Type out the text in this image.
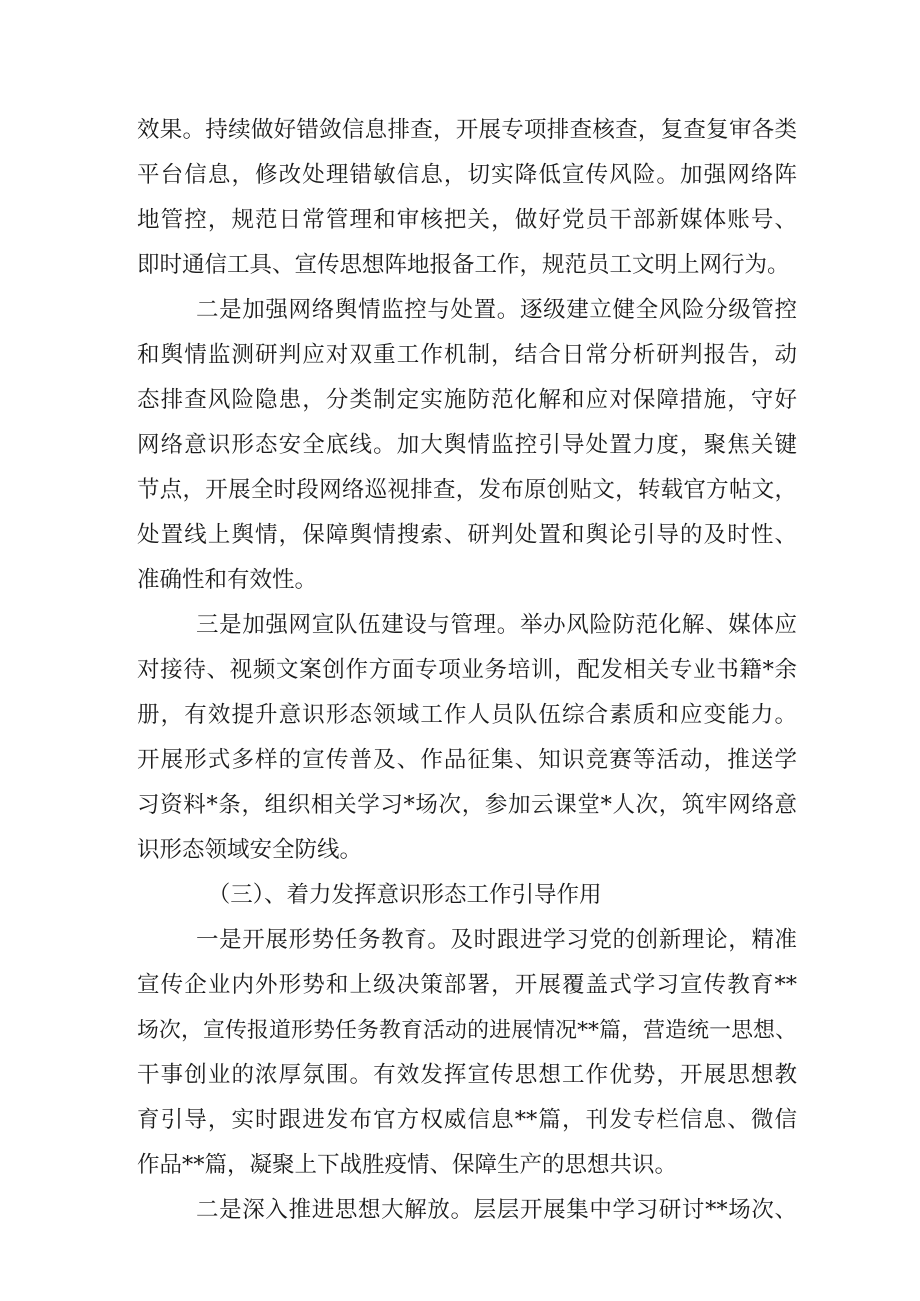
效果。持续做好错敛信息排查，开展专项排查核查，复查复审各类
平台信息，修改处理错敏信息，切实降低宣传风险。加强网络阵
地管控，规范日常管理和审核把关，做好党员干部新媒体账号、
即时通信工具、宣传思想阵地报备工作，规范员工文明上网行为。
二是加强网络舆情监控与处置。逐级建立健全风险分级管控
和舆情监测研判应对双重工作机制，结合日常分析研判报告，动
态排查风险隐患，分类制定实施防范化解和应对保障措施，守好
网络意识形态安全底线。加大舆情监控引导处置力度，聚焦关键
节点，开展全时段网络巡视排查，发布原创贴文，转载官方帖文，
处置线上舆情，保障舆情搜索、研判处置和舆论引导的及时性、
准确性和有效性。
三是加强网宣队伍建设与管理。举办风险防范化解、媒体应
对接待、视频文案创作方面专项业务培训，配发相关专业书籍*余
册，有效提升意识形态领域工作人员队伍综合素质和应变能力。
开展形式多样的宣传普及、作品征集、知识竞赛等活动，推送学
习资料*条，组织相关学习*场次，参加云课堂*人次，筑牢网络意
识形态领域安全防线。
（三）、着力发挥意识形态工作引导作用
一是开展形势任务教育。及时跟进学习党的创新理论，精准
宣传企业内外形势和上级决策部署，开展覆盖式学习宣传教育**
场次，宣传报道形势任务教育活动的进展情况**篇，营造统一思想、
干事创业的浓厚氛围。有效发挥宣传思想工作优势，开展思想教
育引导，实时跟进发布官方权威信息**篇，刊发专栏信息、微信
作品**篇，凝聚上下战胜疫情、保障生产的思想共识。
二是深入推进思想大解放。层层开展集中学习研讨**场次、
